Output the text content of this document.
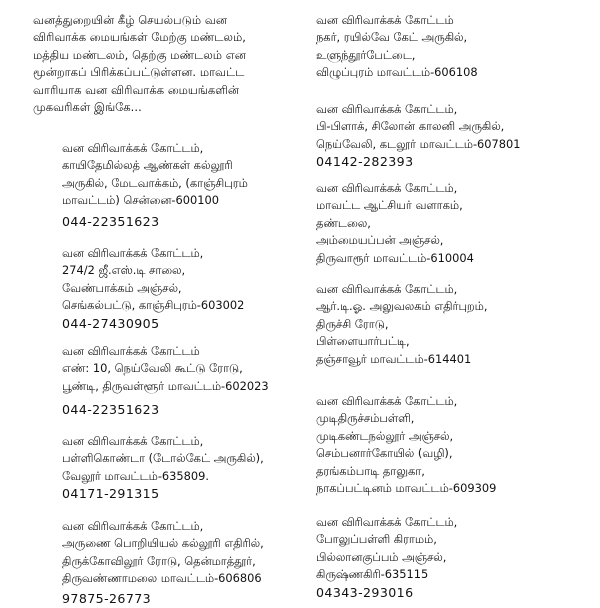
வனத்துறையின் கீழ் செயல்படும் வன
விரிவாக்க மையங்கள் மேற்கு மண்டலம்,
மத்திய மண்டலம், தெற்கு மண்டலம் என
மூன்றாகப் பிரிக்கப்பட்டுள்ளன. மாவட்ட
வாரியாக வன விரிவாக்க மையங்களின்
முகவரிகள் இங்கே...
வன விரிவாக்கக் கோட்டம்,
காயிதேமில்லத் ஆண்கள் கல்லூரி
அருகில், மேடவாக்கம், (காஞ்சிபுரம்
மாவட்டம்) சென்னை-600100
044-22351623
வன விரிவாக்கக் கோட்டம்,
274/2 ஜீ.எஸ்.டி சாலை,
வேண்பாக்கம் அஞ்சல்,
செங்கல்பட்டு, காஞ்சிபுரம்-603002
044-27430905
வன விரிவாக்கக் கோட்டம்
எண்: 10, நெய்வேலி கூட்டு ரோடு,
பூண்டி, திருவள்ளூர் மாவட்டம்-602023
044-22351623
வன விரிவாக்கக் கோட்டம்,
பள்ளிகொண்டா (டோல்கேட் அருகில்),
வேலூர் மாவட்டம்-635809.
04171-291315
வன விரிவாக்கக் கோட்டம்,
அருணை பொறியியல் கல்லூரி எதிரில்,
திருக்கோவிலூர் ரோடு, தென்மாத்தூர்,
திருவண்ணாமலை மாவட்டம்-606806
97875-26773
வன விரிவாக்கக் கோட்டம்
நகர், ரயில்வே கேட் அருகில்,
உளுந்தூர்பேட்டை,
விழுப்புரம் மாவட்டம்-606108
வன விரிவாக்கக் கோட்டம்,
பி-பிளாக், சிலோன் காலனி அருகில்,
நெய்வேலி, கடலூர் மாவட்டம்-607801
04142-282393
வன விரிவாக்கக் கோட்டம்,
மாவட்ட ஆட்சியர் வளாகம்,
தண்டலை,
அம்மையப்பன் அஞ்சல்,
திருவாரூர் மாவட்டம்-610004
வன விரிவாக்கக் கோட்டம்,
ஆர்.டி.ஓ. அலுவலகம் எதிர்புறம்,
திருச்சி ரோடு,
பிள்ளையார்பட்டி,
தஞ்சாவூர் மாவட்டம்-614401
வன விரிவாக்கக் கோட்டம்,
முடிதிருச்சம்பள்ளி,
முடிகண்டநல்லூர் அஞ்சல்,
செம்பனார்கோயில் (வழி),
தரங்கம்பாடி தாலுகா,
நாகப்பட்டினம் மாவட்டம்-609309
வன விரிவாக்கக் கோட்டம்,
போலுப்பள்ளி கிராமம்,
பில்லானகுப்பம் அஞ்சல்,
கிருஷ்ணகிரி-635115
04343-293016
